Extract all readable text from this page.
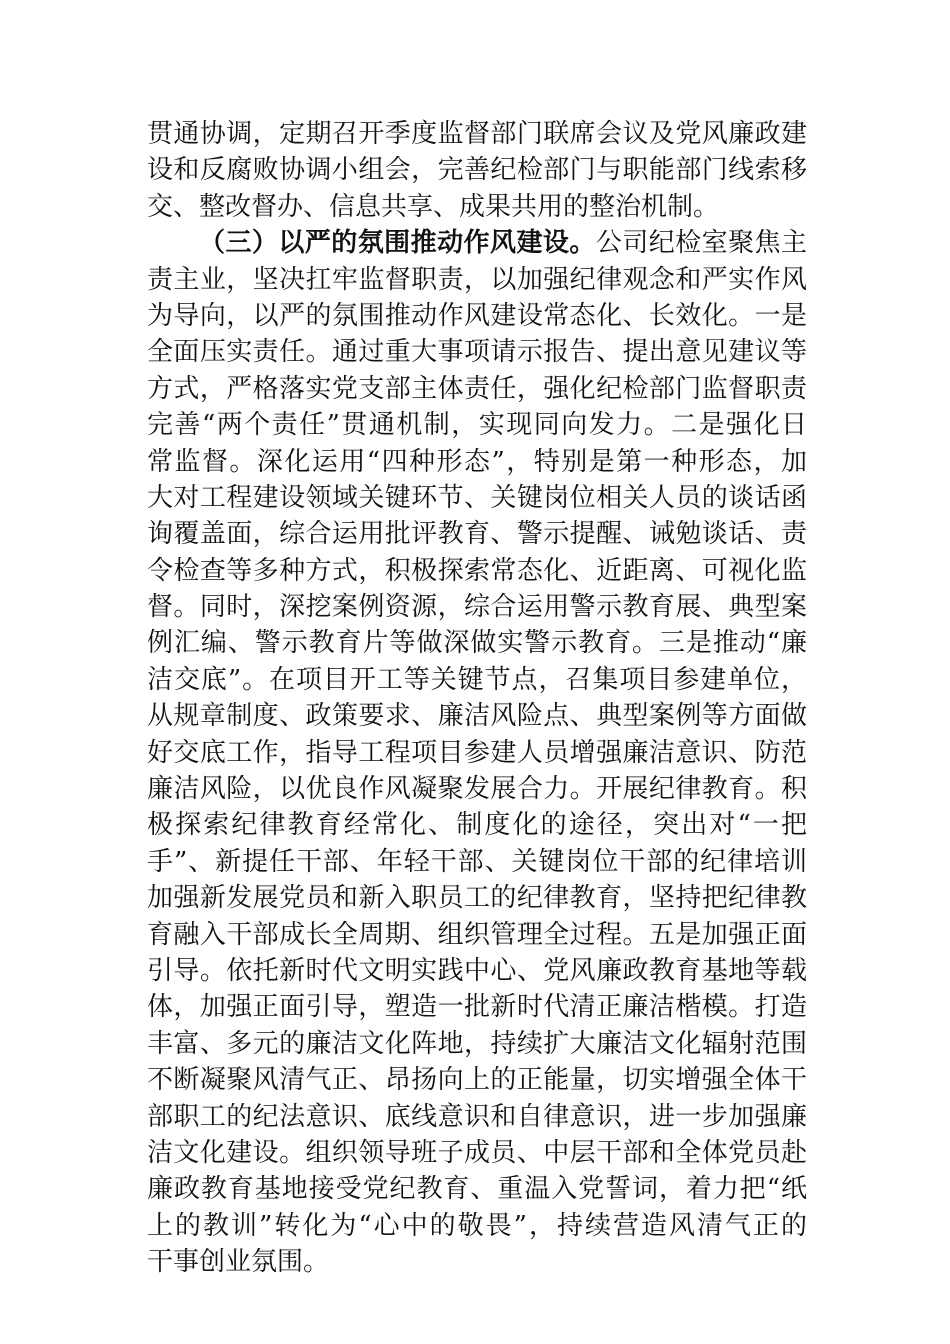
贯通协调，定期召开季度监督部门联席会议及党风廉政建
设和反腐败协调小组会，完善纪检部门与职能部门线索移
交、整改督办、信息共享、成果共用的整治机制。
（三）以严的氛围推动作风建设。公司纪检室聚焦主
责主业，坚决扛牢监督职责，以加强纪律观念和严实作风
为导向，以严的氛围推动作风建设常态化、长效化。一是
全面压实责任。通过重大事项请示报告、提出意见建议等
方式，严格落实党支部主体责任，强化纪检部门监督职责
完善“两个责任”贯通机制，实现同向发力。二是强化日
常监督。深化运用“四种形态”，特别是第一种形态，加
大对工程建设领域关键环节、关键岗位相关人员的谈话函
询覆盖面，综合运用批评教育、警示提醒、诫勉谈话、责
令检查等多种方式，积极探索常态化、近距离、可视化监
督。同时，深挖案例资源，综合运用警示教育展、典型案
例汇编、警示教育片等做深做实警示教育。三是推动“廉
洁交底”。在项目开工等关键节点，召集项目参建单位，
从规章制度、政策要求、廉洁风险点、典型案例等方面做
好交底工作，指导工程项目参建人员增强廉洁意识、防范
廉洁风险，以优良作风凝聚发展合力。开展纪律教育。积
极探索纪律教育经常化、制度化的途径，突出对“一把
手”、新提任干部、年轻干部、关键岗位干部的纪律培训
加强新发展党员和新入职员工的纪律教育，坚持把纪律教
育融入干部成长全周期、组织管理全过程。五是加强正面
引导。依托新时代文明实践中心、党风廉政教育基地等载
体，加强正面引导，塑造一批新时代清正廉洁楷模。打造
丰富、多元的廉洁文化阵地，持续扩大廉洁文化辐射范围
不断凝聚风清气正、昂扬向上的正能量，切实增强全体干
部职工的纪法意识、底线意识和自律意识，进一步加强廉
洁文化建设。组织领导班子成员、中层干部和全体党员赴
廉政教育基地接受党纪教育、重温入党誓词，着力把“纸
上的教训”转化为“心中的敬畏”，持续营造风清气正的
干事创业氛围。
